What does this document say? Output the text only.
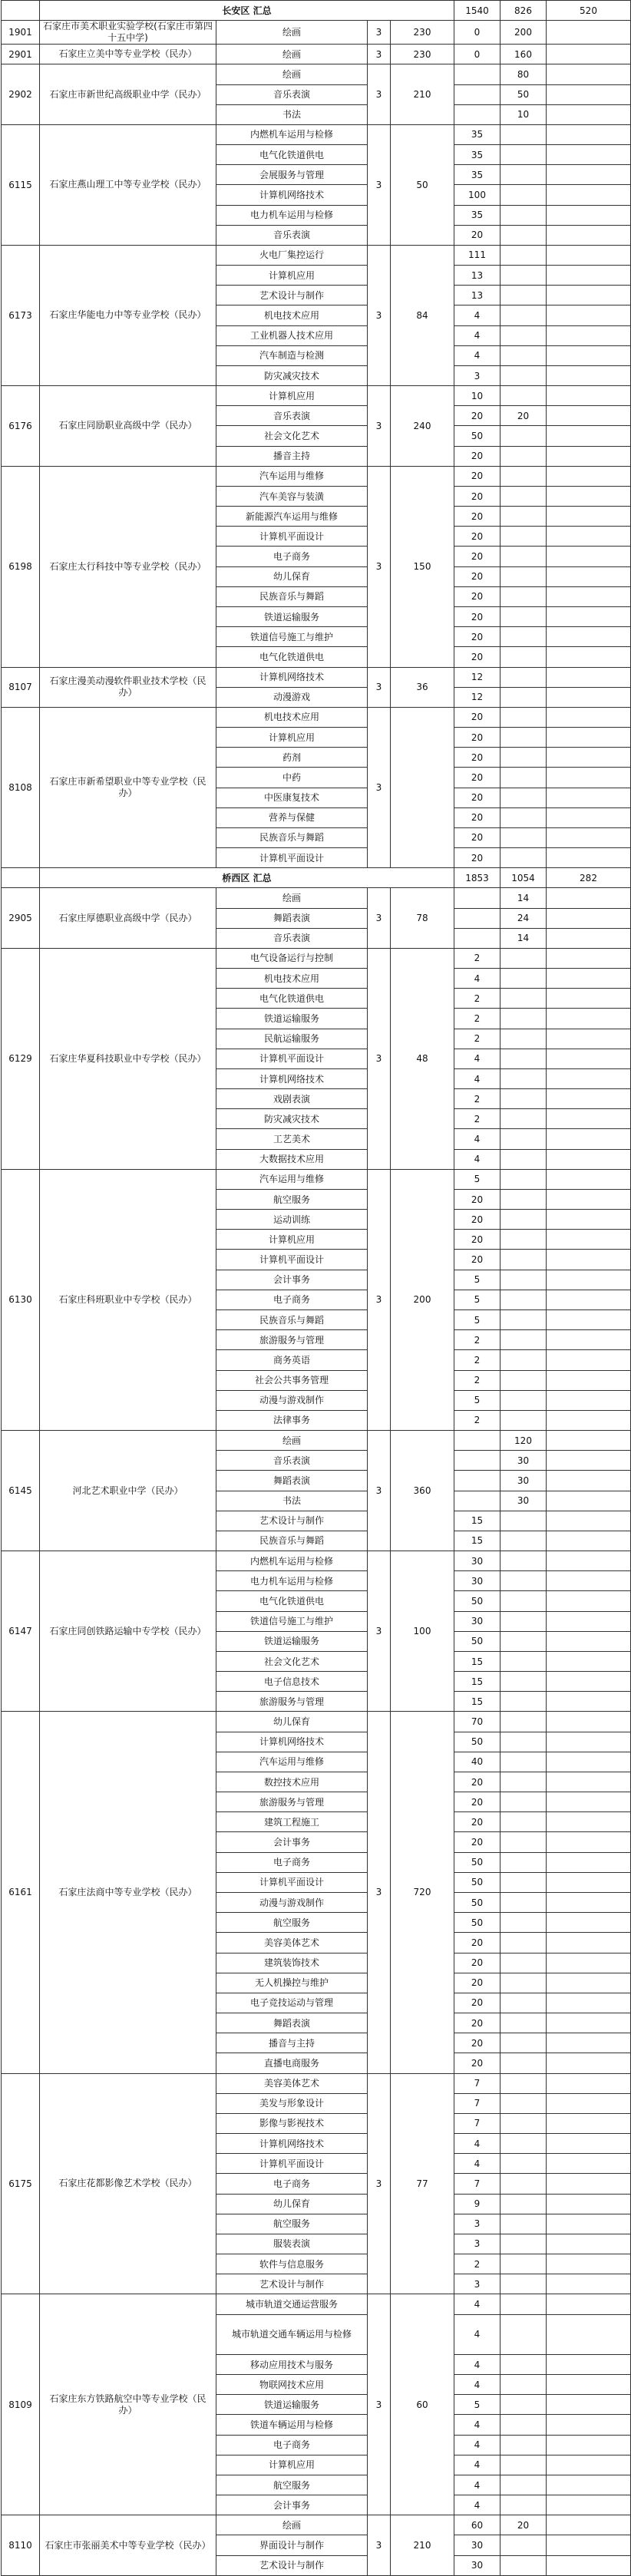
	长安区 汇总				1540	826	520	
1901	石家庄市美术职业实验学校(石家庄市第四十五中学)	绘画	3	230	0	200		
2901	石家庄立美中等专业学校（民办）	绘画	3	230	0	160		
2902	石家庄市新世纪高级职业中学（民办）	绘画	3	210		80		
		音乐表演				50		
		书法				10		
6115	石家庄燕山理工中等专业学校（民办）	内燃机车运用与检修	3	50	35			
		电气化铁道供电			35			
		会展服务与管理			35			
		计算机网络技术			100			
		电力机车运用与检修			35			
		音乐表演			20			
6173	石家庄华能电力中等专业学校（民办）	火电厂集控运行	3	84	111			
		计算机应用			13			
		艺术设计与制作			13			
		机电技术应用			4			
		工业机器人技术应用			4			
		汽车制造与检测			4			
		防灾减灾技术			3			
6176	石家庄同励职业高级中学（民办）	计算机应用	3	240	10			
		音乐表演			20	20		
		社会文化艺术			50			
		播音主持			20			
6198	石家庄太行科技中等专业学校（民办）	汽车运用与维修	3	150	20			
		汽车美容与装潢			20			
		新能源汽车运用与维修			20			
		计算机平面设计			20			
		电子商务			20			
		幼儿保育			20			
		民族音乐与舞蹈			20			
		铁道运输服务			20			
		铁道信号施工与维护			20			
		电气化铁道供电			20			
8107	石家庄漫美动漫软件职业技术学校（民办）	计算机网络技术	3	36	12			
		动漫游戏			12			
8108	石家庄市新希望职业中等专业学校（民办）	机电技术应用	3		20			
		计算机应用			20			
		药剂			20			
		中药			20			
		中医康复技术			20			
		营养与保健			20			
		民族音乐与舞蹈			20			
		计算机平面设计			20			
	桥西区 汇总				1853	1054	282	
2905	石家庄厚德职业高级中学（民办）	绘画	3	78		14		
		舞蹈表演				24		
		音乐表演				14		
6129	石家庄华夏科技职业中专学校（民办）	电气设备运行与控制	3	48	2			
		机电技术应用			4			
		电气化铁道供电			2			
		铁道运输服务			2			
		民航运输服务			2			
		计算机平面设计			4			
		计算机网络技术			4			
		戏剧表演			2			
		防灾减灾技术			2			
		工艺美术			4			
		大数据技术应用			4			
6130	石家庄科班职业中专学校（民办）	汽车运用与维修	3	200	5			
		航空服务			20			
		运动训练			20			
		计算机应用			20			
		计算机平面设计			20			
		会计事务			5			
		电子商务			5			
		民族音乐与舞蹈			5			
		旅游服务与管理			2			
		商务英语			2			
		社会公共事务管理			2			
		动漫与游戏制作			5			
		法律事务			2			
6145	河北艺术职业中学（民办）	绘画	3	360		120		
		音乐表演				30		
		舞蹈表演				30		
		书法				30		
		艺术设计与制作			15			
		民族音乐与舞蹈			15			
6147	石家庄同创铁路运输中专学校（民办）	内燃机车运用与检修	3	100	30			
		电力机车运用与检修			30			
		电气化铁道供电			50			
		铁道信号施工与维护			30			
		铁道运输服务			50			
		社会文化艺术			15			
		电子信息技术			15			
		旅游服务与管理			15			
6161	石家庄法商中等专业学校（民办）	幼儿保育	3	720	70			
		计算机网络技术			50			
		汽车运用与维修			40			
		数控技术应用			20			
		旅游服务与管理			20			
		建筑工程施工			20			
		会计事务			20			
		电子商务			50			
		计算机平面设计			50			
		动漫与游戏制作			50			
		航空服务			50			
		美容美体艺术			20			
		建筑装饰技术			20			
		无人机操控与维护			20			
		电子竞技运动与管理			20			
		舞蹈表演			20			
		播音与主持			20			
		直播电商服务			20			
6175	石家庄花都影像艺术学校（民办）	美容美体艺术	3	77	7			
		美发与形象设计			7			
		影像与影视技术			7			
		计算机网络技术			4			
		计算机平面设计			4			
		电子商务			7			
		幼儿保育			9			
		航空服务			3			
		服装表演			3			
		软件与信息服务			2			
		艺术设计与制作			3			
8109	石家庄东方铁路航空中等专业学校（民办）	城市轨道交通运营服务	3	60	4			
		城市轨道交通车辆运用与检修			4			
		移动应用技术与服务			4			
		物联网技术应用			4			
		铁道运输服务			5			
		铁道车辆运用与检修			4			
		电子商务			4			
		计算机应用			4			
		航空服务			4			
		会计事务			4			
8110	石家庄市张丽美术中等专业学校（民办）	绘画	3	210	60	20		
		界面设计与制作			30			
		艺术设计与制作			30			
